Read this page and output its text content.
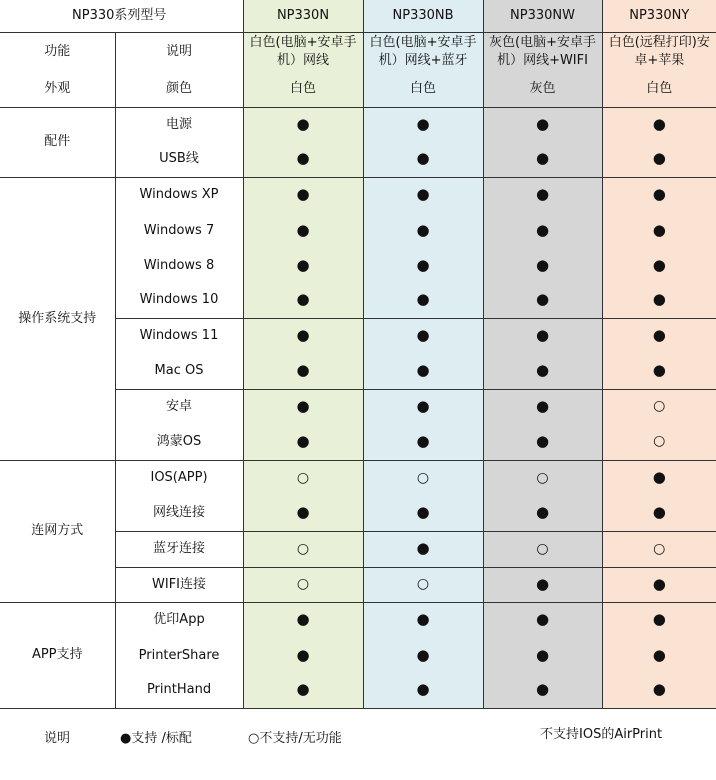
NP330系列型号		NP330N	NP330NB	NP330NW	NP330NY
功能	说明	白色(电脑+安卓手机）网线	白色(电脑+安卓手机）网线+蓝牙	灰色(电脑+安卓手机）网线+WIFI	白色(远程打印)安卓+苹果
外观	颜色	白色	白色	灰色	白色
配件	电源	●	●	●	●
	USB线	●	●	●	●
操作系统支持	Windows XP	●	●	●	●
	Windows 7	●	●	●	●
	Windows 8	●	●	●	●
	Windows 10	●	●	●	●
	Windows 11	●	●	●	●
	Mac OS	●	●	●	●
	安卓	●	●	●	○
	鸿蒙OS	●	●	●	○
连网方式	IOS(APP)	○	○	○	●
	网线连接	●	●	●	●
	蓝牙连接	○	●	○	○
	WIFI连接	○	○	●	●
APP支持	优印App	●	●	●	●
	PrinterShare	●	●	●	●
	PrintHand	●	●	●	●
说明	●支持 /标配	○不支持/无功能	不支持IOS的AirPrint
